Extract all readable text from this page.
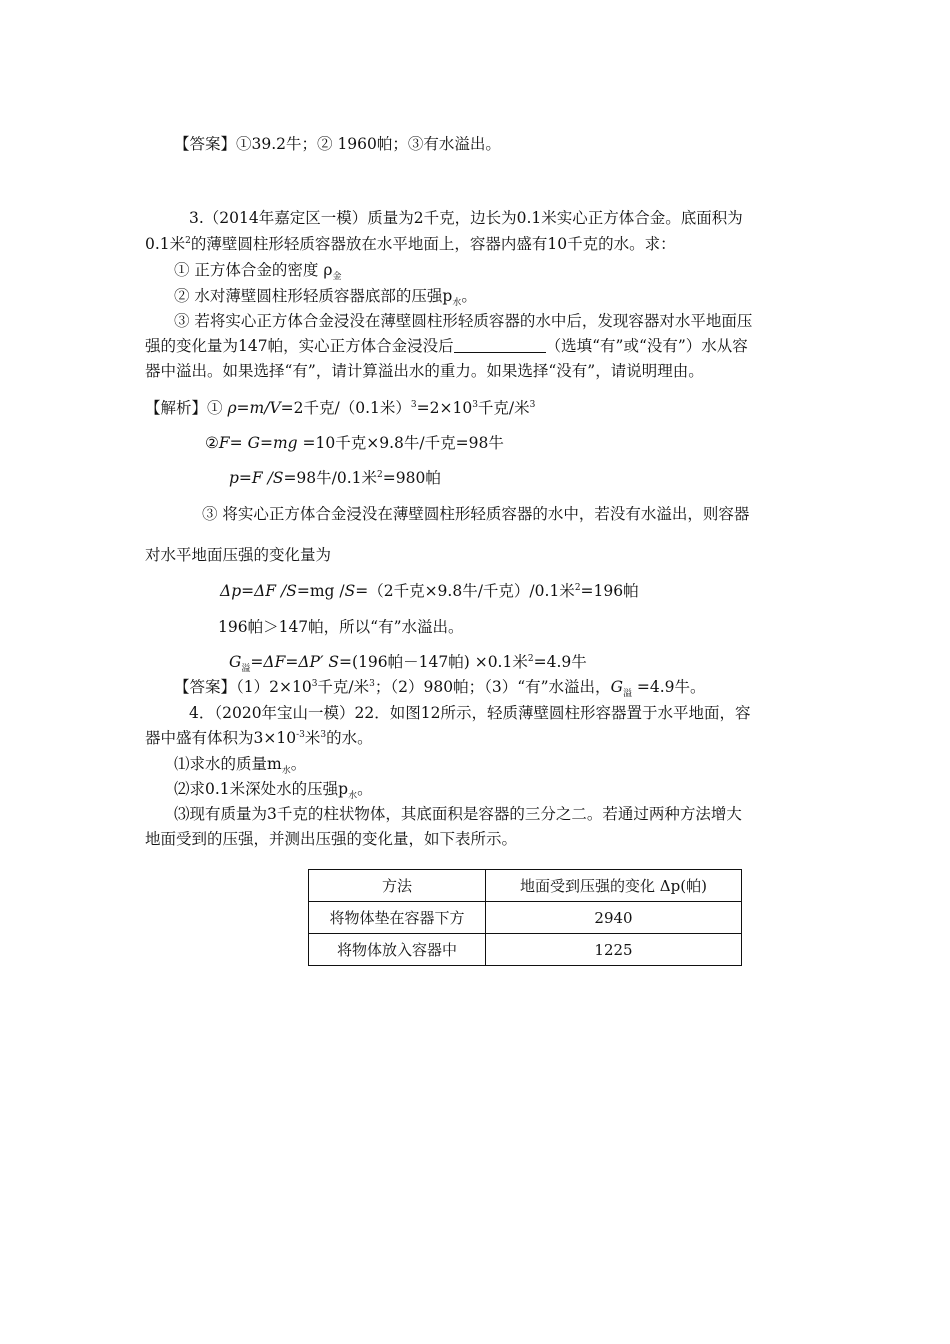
【答案】①39.2牛；② 1960帕；③有水溢出。
3.（2014年嘉定区一模）质量为2千克，边长为0.1米实心正方体合金。底面积为
0.1米$^2$的薄壁圆柱形轻质容器放在水平地面上，容器内盛有10千克的水。求：
① 正方体合金的密度 $\rho_金$
② 水对薄壁圆柱形轻质容器底部的压强$p_水$。
③ 若将实心正方体合金浸没在薄壁圆柱形轻质容器的水中后，发现容器对水平地面压
强的变化量为147帕，实心正方体合金浸没后	（选填“有”或“没有”）水从容
器中溢出。如果选择“有”，请计算溢出水的重力。如果选择“没有”，请说明理由。
【解析】① ρ=m/V=2千克/（0.1米）$^3=2\times 10^3$千克/米$^3$
②F= G=mg =10千克×9.8牛/千克=98牛
p=F /S=98牛/0.1米$^2$=980帕
③ 将实心正方体合金浸没在薄壁圆柱形轻质容器的水中，若没有水溢出，则容器
对水平地面压强的变化量为
Δp=ΔF /S=mg /S=（2千克×9.8牛/千克）/0.1米$^2$=196帕
196帕＞147帕，所以“有”水溢出。
$G_溢=\Delta F=\Delta P'$ S=(196帕－147帕) ×0.1米$^2$=4.9牛
【答案】$(1)2\times 10^3$千克/米$^3$；（2）980帕；（3）“有”水溢出，$G_溢 =4.9$牛。
4．（2020年宝山一模）22．如图12所示，轻质薄壁圆柱形容器置于水平地面，容
器中盛有体积为$3\times 10^{-3}$米$^3$的水。
⑴求水的质量$m_水$。
⑵求0.1米深处水的压强$p_水$。
⑶现有质量为3千克的柱状物体，其底面积是容器的三分之二。若通过两种方法增大
地面受到的压强，并测出压强的变化量，如下表所示。
方法	地面受到压强的变化 Δp(帕)
将物体垫在容器下方	2940
将物体放入容器中	1225
